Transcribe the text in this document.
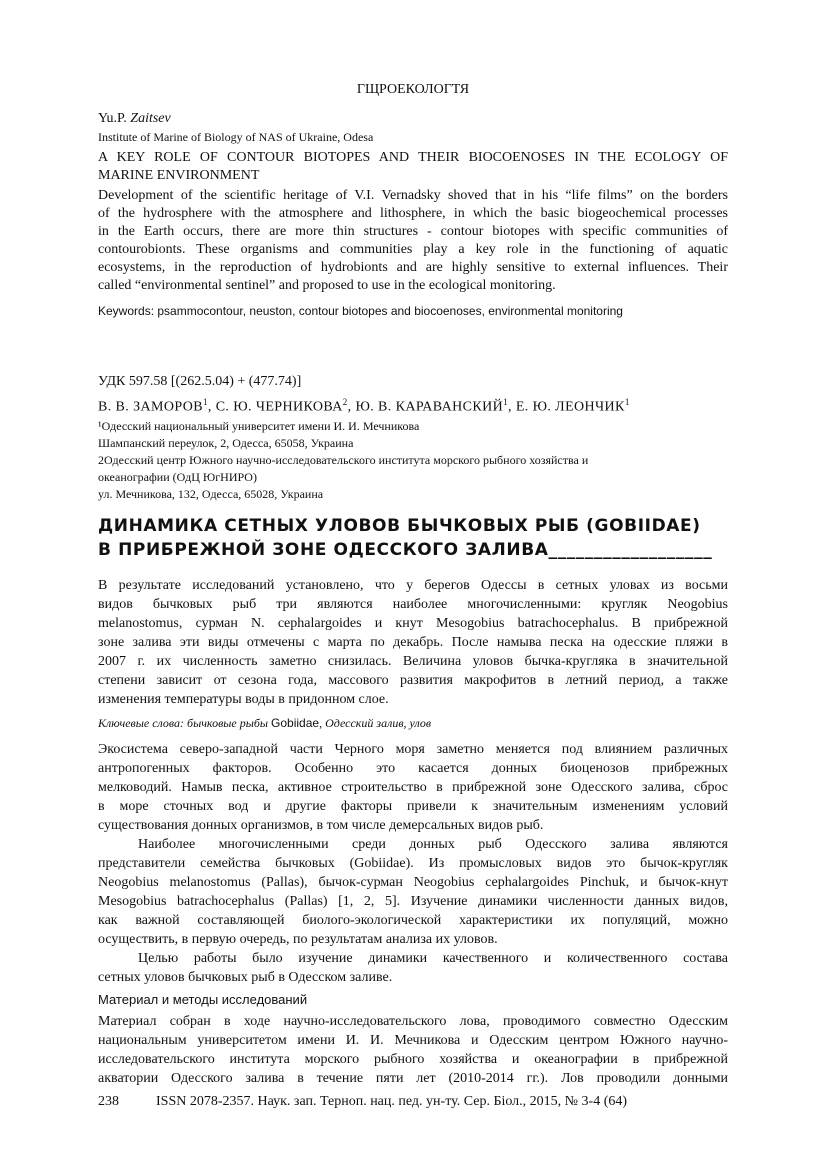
ГЩРОЕКОЛОГТЯ
Yu.P. Zaitsev
Institute of Marine of Biology of NAS of Ukraine, Odesa
A KEY ROLE OF CONTOUR BIOTOPES AND THEIR BIOCOENOSES IN THE ECOLOGY OF
MARINE ENVIRONMENT
Development of the scientific heritage of V.I. Vernadsky shoved that in his “life films” on the borders
of the hydrosphere with the atmosphere and lithosphere, in which the basic biogeochemical processes
in the Earth occurs, there are more thin structures - contour biotopes with specific communities of
contourobionts. These organisms and communities play a key role in the functioning of aquatic
ecosystems, in the reproduction of hydrobionts and are highly sensitive to external influences. Their
called “environmental sentinel” and proposed to use in the ecological monitoring.
Keywords: psammocontour, neuston, contour biotopes and biocoenoses, environmental monitoring
УДК 597.58 [(262.5.04) + (477.74)]
В. В. ЗАМОРОВ$^1$, С. Ю. ЧЕРНИКОВА$^2$, Ю. В. КАРАВАНСКИЙ$^1$, Е. Ю. ЛЕОНЧИК$^1$
¹Одесский национальный университет имени И. И. Мечникова
Шампанский переулок, 2, Одесса, 65058, Украина
2Одесский центр Южного научно-исследовательского института морского рыбного хозяйства и
океанографии (ОдЦ ЮгНИРО)
ул. Мечникова, 132, Одесса, 65028, Украина
ДИНАМИКА СЕТНЫХ УЛОВОВ БЫЧКОВЫХ РЫБ (GOBIIDAE)
В ПРИБРЕЖНОЙ ЗОНЕ ОДЕССКОГО ЗАЛИВА__________________
В результате исследований установлено, что у берегов Одессы в сетных уловах из восьми
видов бычковых рыб три являются наиболее многочисленными: кругляк Neogobius
melanostomus, сурман N. cephalargoides и кнут Mesogobius batrachocephalus. В прибрежной
зоне залива эти виды отмечены с марта по декабрь. После намыва песка на одесские пляжи в
2007 г. их численность заметно снизилась. Величина уловов бычка-кругляка в значительной
степени зависит от сезона года, массового развития макрофитов в летний период, а также
изменения температуры воды в придонном слое.
Ключевые слова: бычковые рыбы Gobiidae, Одесский залив, улов
Экосистема северо-западной части Черного моря заметно меняется под влиянием различных
антропогенных факторов. Особенно это касается донных биоценозов прибрежных
мелководий. Намыв песка, активное строительство в прибрежной зоне Одесского залива, сброс
в море сточных вод и другие факторы привели к значительным изменениям условий
существования донных организмов, в том числе демерсальных видов рыб.
Наиболее многочисленными среди донных рыб Одесского залива являются
представители семейства бычковых (Gobiidae). Из промысловых видов это бычок-кругляк
Neogobius melanostomus (Pallas), бычок-сурман Neogobius cephalargoides Pinchuk, и бычок-кнут
Mesogobius batrachocephalus (Pallas) [1, 2, 5]. Изучение динамики численности данных видов,
как важной составляющей биолого-экологической характеристики их популяций, можно
осуществить, в первую очередь, по результатам анализа их уловов.
Целью работы было изучение динамики качественного и количественного состава
сетных уловов бычковых рыб в Одесском заливе.
Материал и методы исследований
Материал собран в ходе научно-исследовательского лова, проводимого совместно Одесским
национальным университетом имени И. И. Мечникова и Одесским центром Южного научно-
исследовательского института морского рыбного хозяйства и океанографии в прибрежной
акватории Одесского залива в течение пяти лет (2010-2014 гг.). Лов проводили донными
238	ISSN 2078-2357. Наук. зап. Терноп. нац. пед. ун-ту. Сер. Біол., 2015, № 3-4 (64)
